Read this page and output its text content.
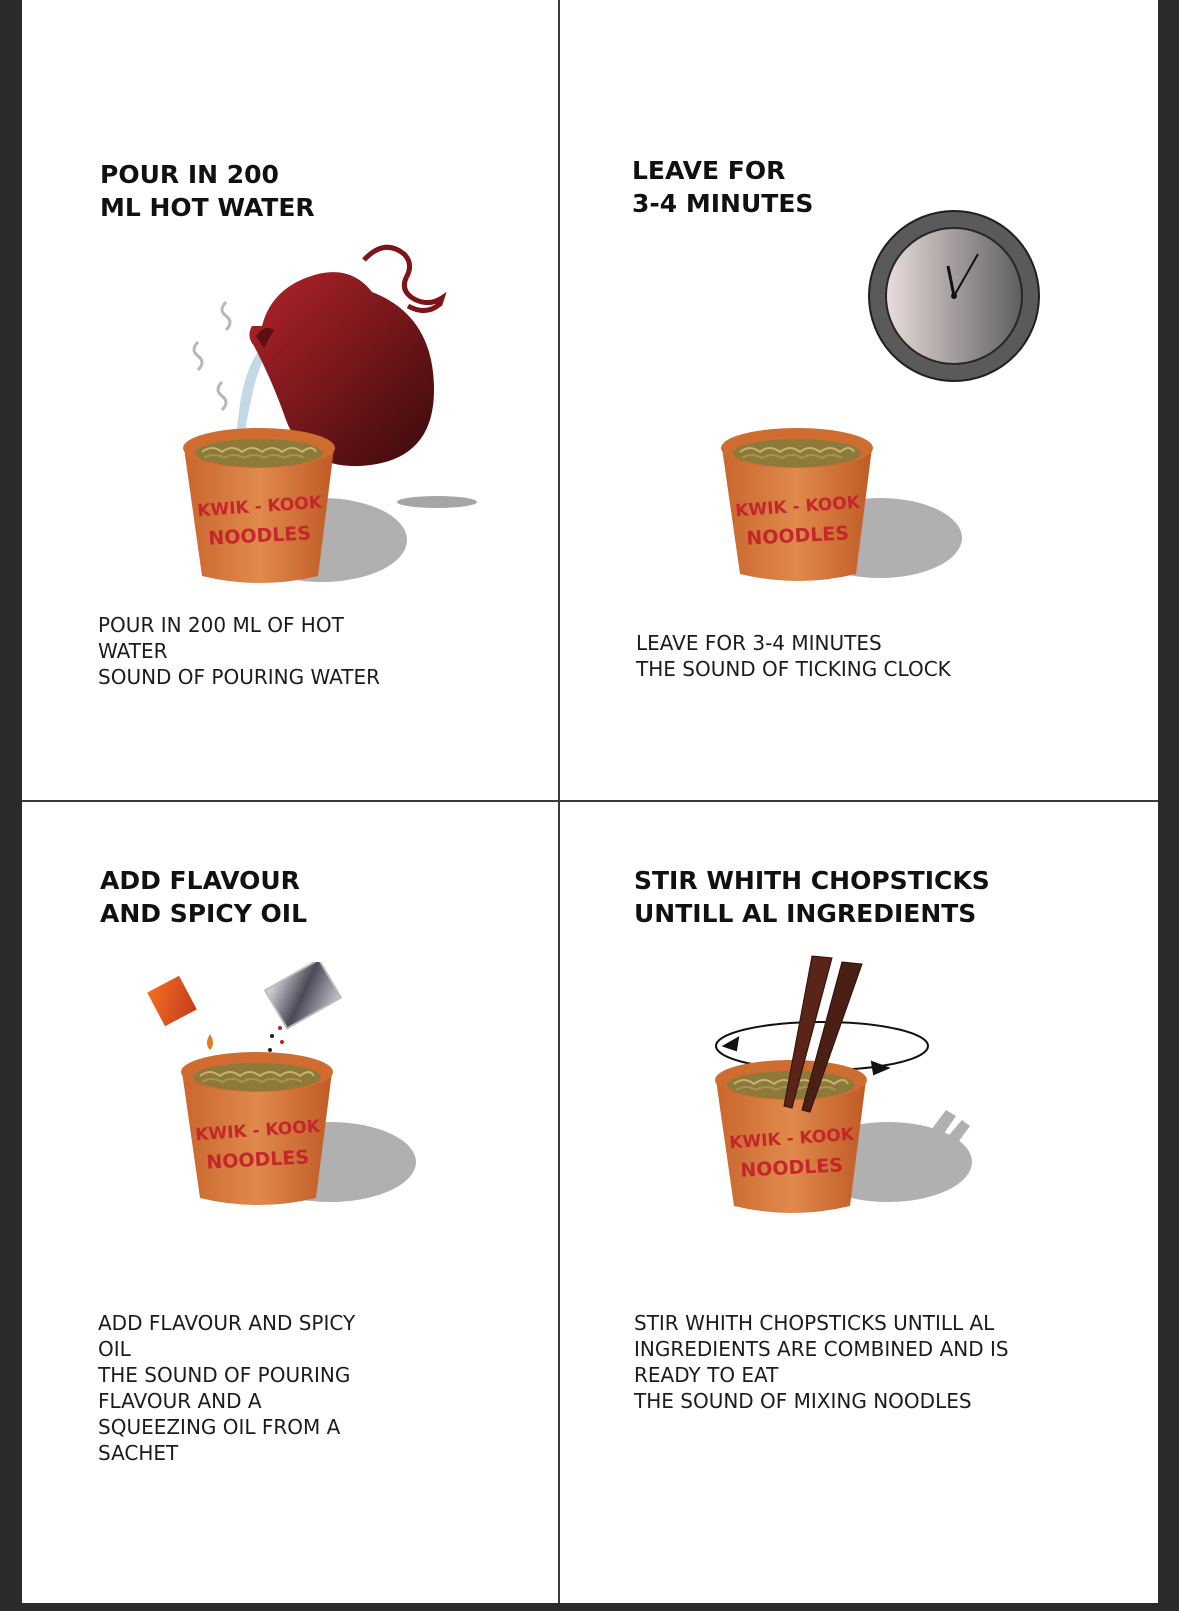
POUR IN 200
ML HOT WATER
KWIK - KOOK
NOODLES

POUR IN 200 ML OF HOT
WATER
SOUND OF POURING WATER

LEAVE FOR
3-4 MINUTES
KWIK - KOOK
NOODLES

LEAVE FOR 3-4 MINUTES
THE SOUND OF TICKING CLOCK

ADD FLAVOUR
AND SPICY OIL
KWIK - KOOK
NOODLES

ADD FLAVOUR AND SPICY
OIL
THE SOUND OF POURING
FLAVOUR AND A
SQUEEZING OIL FROM A
SACHET

STIR WHITH CHOPSTICKS
UNTILL AL INGREDIENTS
KWIK - KOOK
NOODLES

STIR WHITH CHOPSTICKS UNTILL AL
INGREDIENTS ARE COMBINED AND IS
READY TO EAT
THE SOUND OF MIXING NOODLES
